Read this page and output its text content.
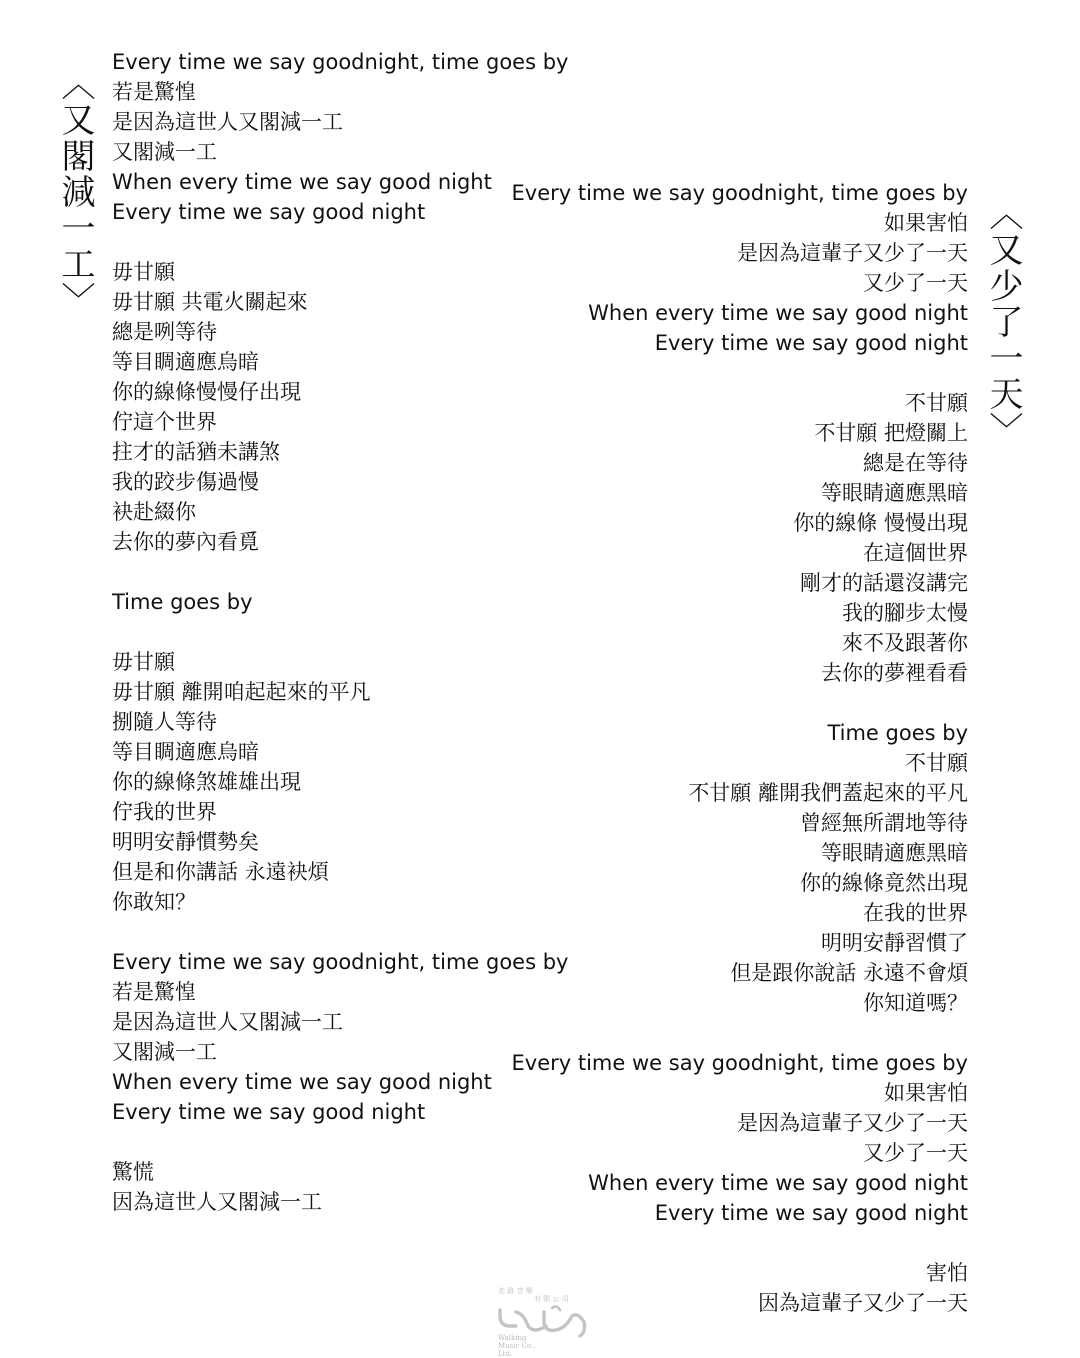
〈又閣減一工〉
〈又少了一天〉
Every time we say goodnight, time goes by
若是驚惶
是因為這世人又閣減一工
又閣減一工
When every time we say good night
Every time we say good night
毋甘願
毋甘願 共電火關起來
總是咧等待
等目睭適應烏暗
你的線條慢慢仔出現
佇這个世界
拄才的話猶未講煞
我的跤步傷過慢
袂赴綴你
去你的夢內看覓
Time goes by
毋甘願
毋甘願 離開咱起起來的平凡
捌隨人等待
等目睭適應烏暗
你的線條煞雄雄出現
佇我的世界
明明安靜慣勢矣
但是和你講話 永遠袂煩
你敢知？
Every time we say goodnight, time goes by
若是驚惶
是因為這世人又閣減一工
又閣減一工
When every time we say good night
Every time we say good night
驚慌
因為這世人又閣減一工
Every time we say goodnight, time goes by
如果害怕
是因為這輩子又少了一天
又少了一天
When every time we say good night
Every time we say good night
不甘願
不甘願 把燈關上
總是在等待
等眼睛適應黑暗
你的線條 慢慢出現
在這個世界
剛才的話還沒講完
我的腳步太慢
來不及跟著你
去你的夢裡看看
Time goes by
不甘願
不甘願 離開我們蓋起來的平凡
曾經無所謂地等待
等眼睛適應黑暗
你的線條竟然出現
在我的世界
明明安靜習慣了
但是跟你說話 永遠不會煩
你知道嗎？
Every time we say goodnight, time goes by
如果害怕
是因為這輩子又少了一天
又少了一天
When every time we say good night
Every time we say good night
害怕
因為這輩子又少了一天
走 路 音 樂
有 限 公 司
Walking Music Co., Ltd.
